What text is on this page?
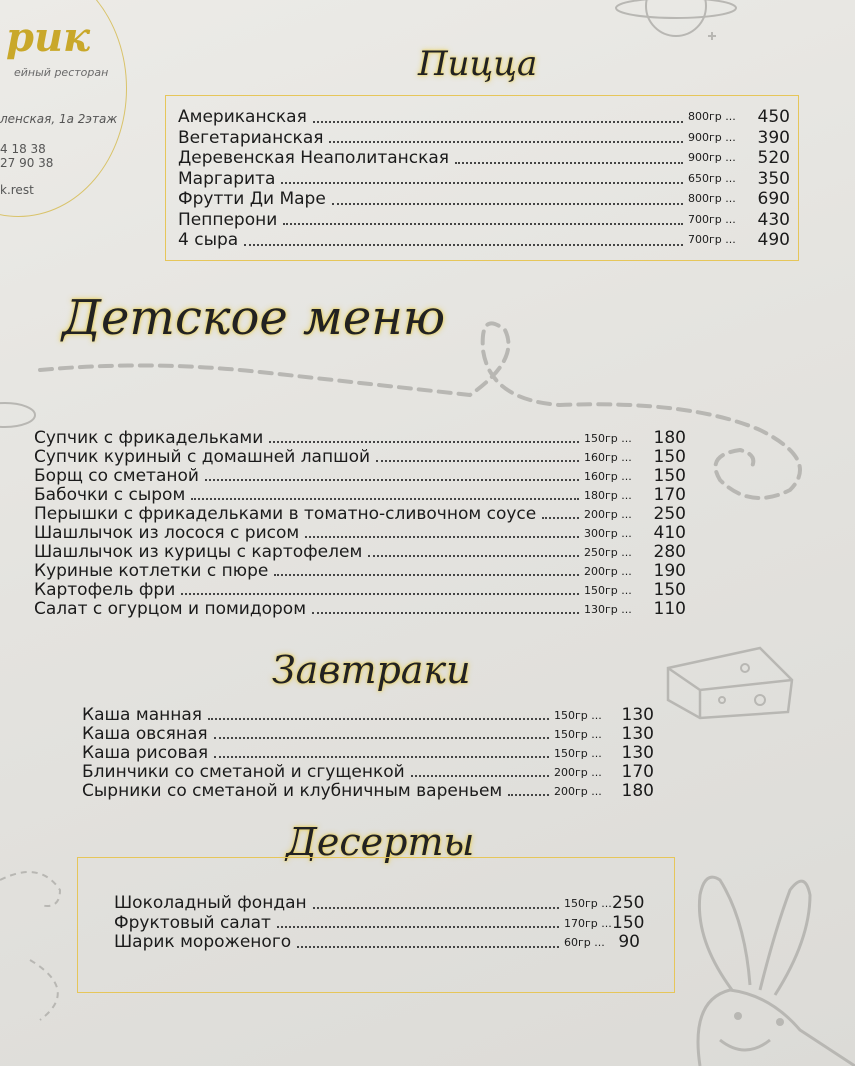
рик
ейный ресторан
ленская, 1а 2этаж
4 18 38
27 90 38
k.rest
Пицца
Американская	800гр ...	450
Вегетарианская	900гр ...	390
Деревенская Неаполитанская	900гр ...	520
Маргарита	650гр ...	350
Фрутти Ди Маре	800гр ...	690
Пепперони	700гр ...	430
4 сыра	700гр ...	490
Детское меню
Супчик с фрикадельками	150гр ...	180
Супчик куриный с домашней лапшой	160гр ...	150
Борщ со сметаной	160гр ...	150
Бабочки с сыром	180гр ...	170
Перышки с фрикадельками в томатно-сливочном соусе	200гр ...	250
Шашлычок из лосося с рисом	300гр ...	410
Шашлычок из курицы с картофелем	250гр ...	280
Куриные котлетки с пюре	200гр ...	190
Картофель фри	150гр ...	150
Салат с огурцом и помидором	130гр ...	110
Завтраки
Каша манная	150гр ...	130
Каша овсяная	150гр ...	130
Каша рисовая	150гр ...	130
Блинчики со сметаной и сгущенкой	200гр ...	170
Сырники со сметаной и клубничным вареньем	200гр ...	180
Десерты
Шоколадный фондан	150гр ... 250
Фруктовый салат	170гр ... 150
Шарик мороженого	60гр ... 90
